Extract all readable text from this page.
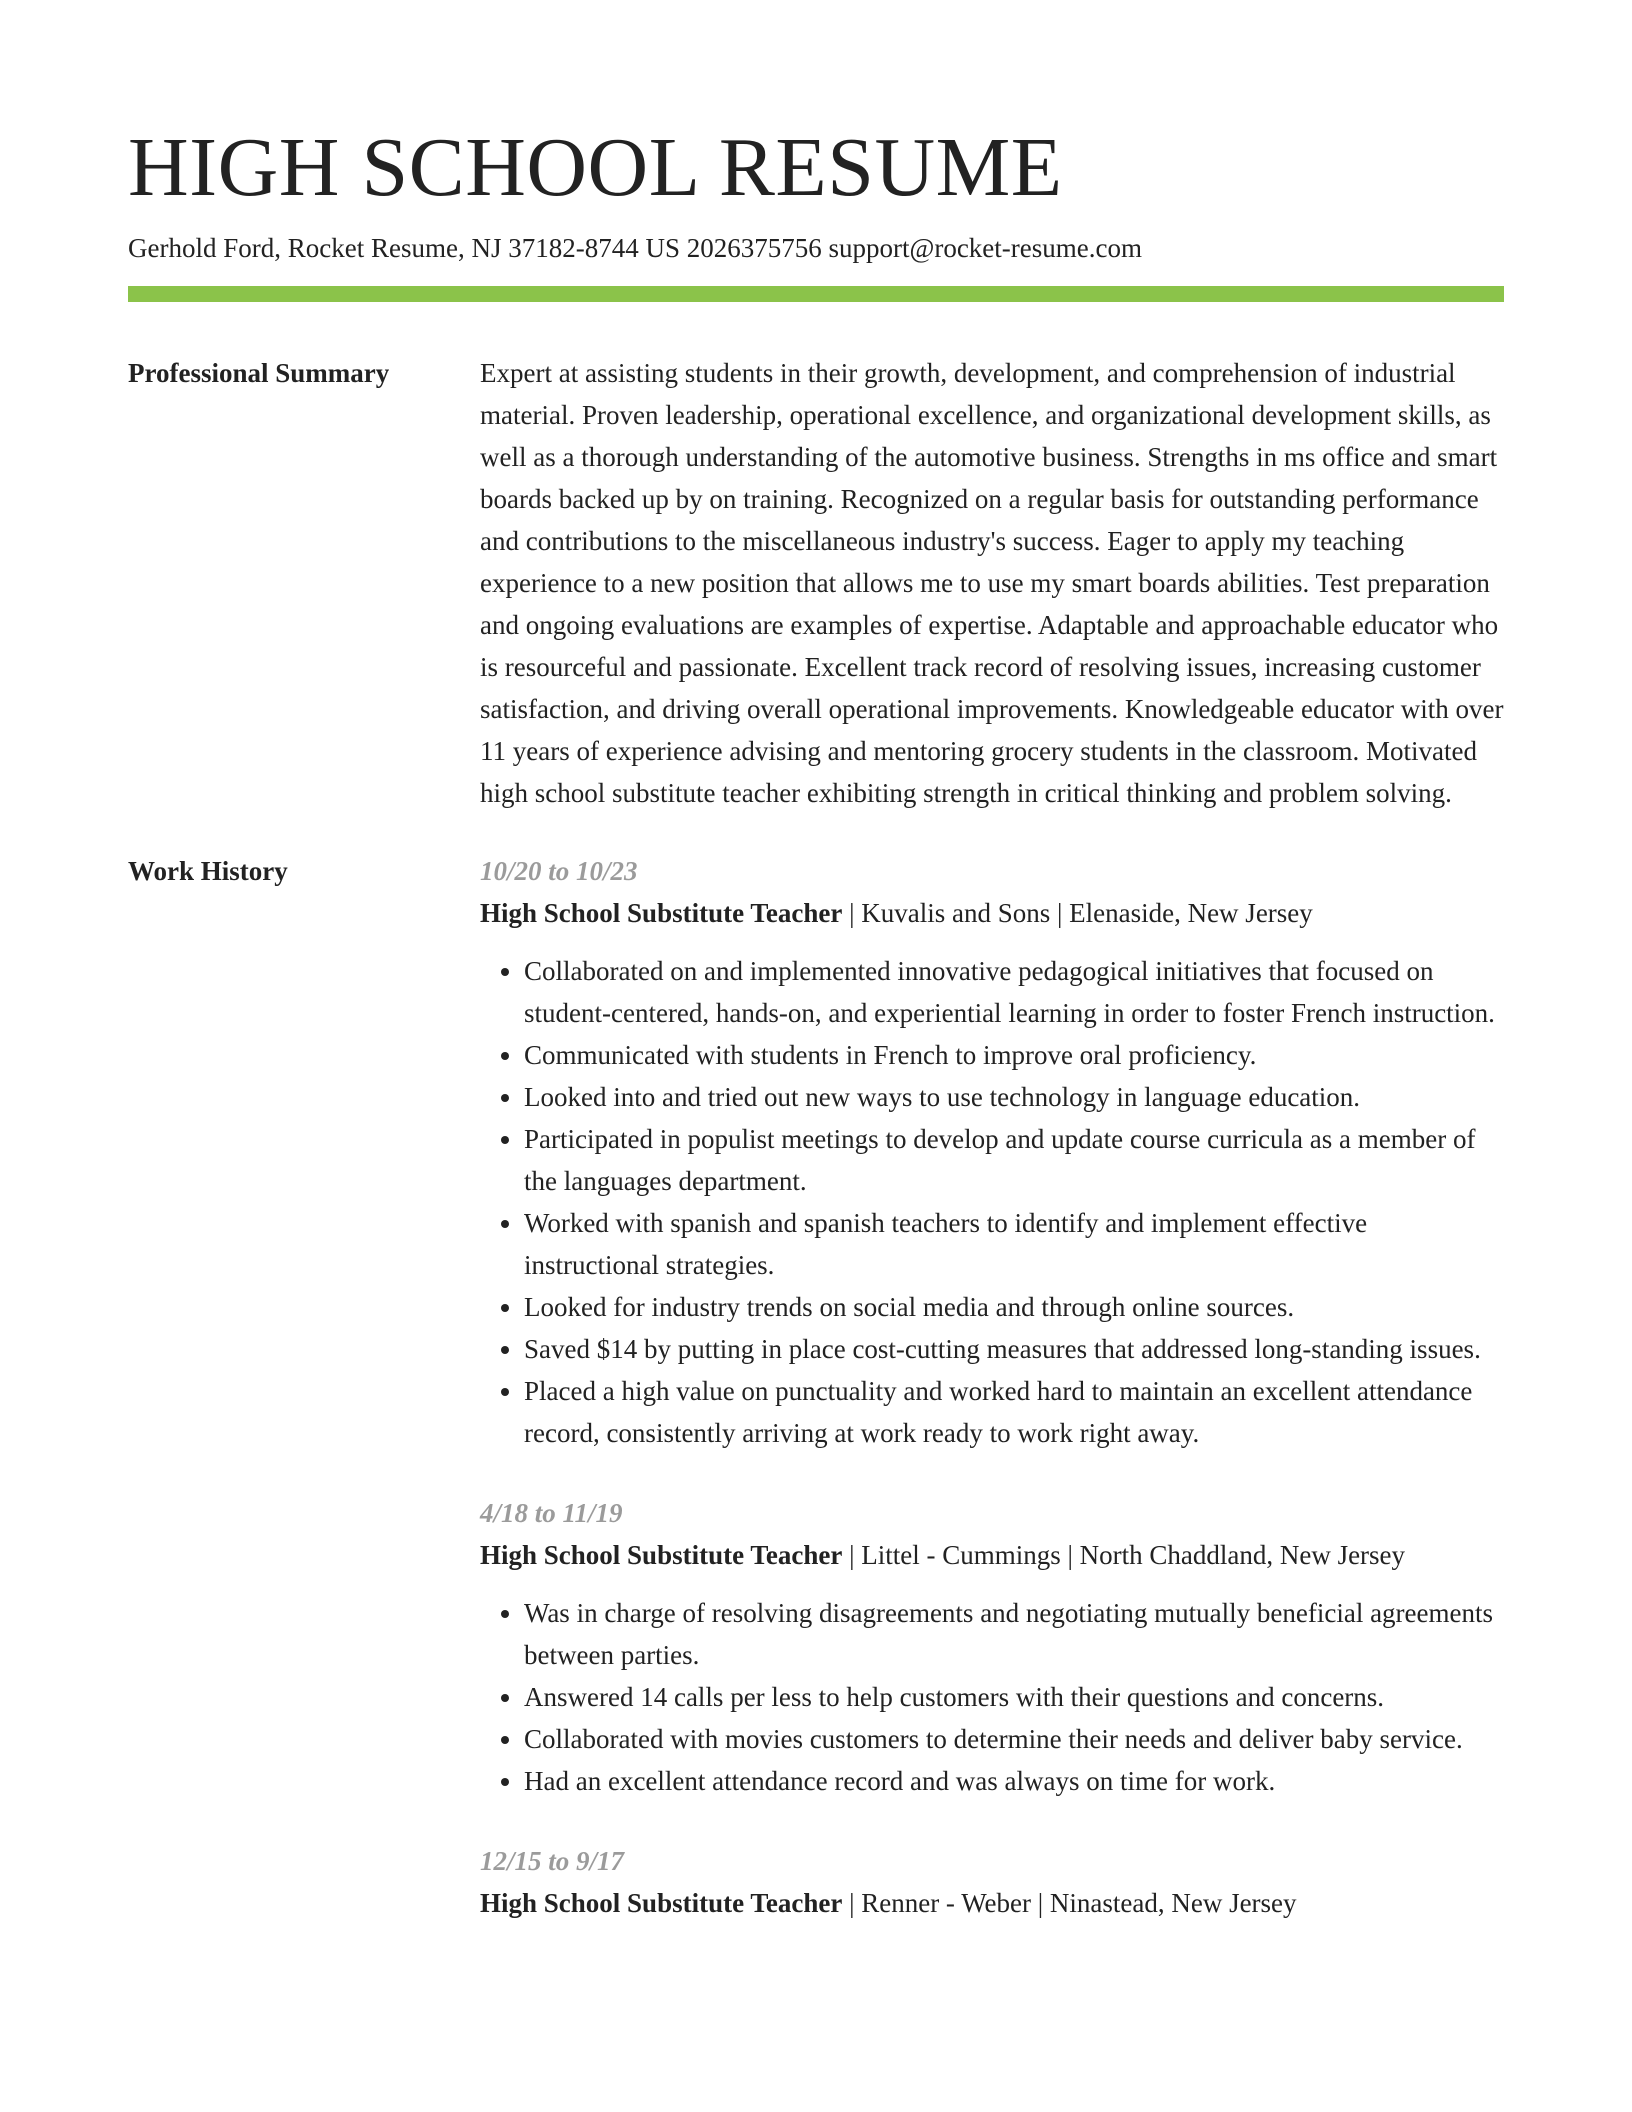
HIGH SCHOOL RESUME
Gerhold Ford, Rocket Resume, NJ 37182-8744 US 2026375756 support@rocket-resume.com
Professional Summary	Expert at assisting students in their growth, development, and comprehension of industrial material. Proven leadership, operational excellence, and organizational development skills, as well as a thorough understanding of the automotive business. Strengths in ms office and smart boards backed up by on training. Recognized on a regular basis for outstanding performance and contributions to the miscellaneous industry's success. Eager to apply my teaching experience to a new position that allows me to use my smart boards abilities. Test preparation and ongoing evaluations are examples of expertise. Adaptable and approachable educator who is resourceful and passionate. Excellent track record of resolving issues, increasing customer satisfaction, and driving overall operational improvements. Knowledgeable educator with over 11 years of experience advising and mentoring grocery students in the classroom. Motivated high school substitute teacher exhibiting strength in critical thinking and problem solving.
Work History	10/20 to 10/23
High School Substitute Teacher | Kuvalis and Sons | Elenaside, New Jersey
• Collaborated on and implemented innovative pedagogical initiatives that focused on student-centered, hands-on, and experiential learning in order to foster French instruction.
• Communicated with students in French to improve oral proficiency.
• Looked into and tried out new ways to use technology in language education.
• Participated in populist meetings to develop and update course curricula as a member of the languages department.
• Worked with spanish and spanish teachers to identify and implement effective instructional strategies.
• Looked for industry trends on social media and through online sources.
• Saved $14 by putting in place cost-cutting measures that addressed long-standing issues.
• Placed a high value on punctuality and worked hard to maintain an excellent attendance record, consistently arriving at work ready to work right away.
4/18 to 11/19
High School Substitute Teacher | Littel - Cummings | North Chaddland, New Jersey
• Was in charge of resolving disagreements and negotiating mutually beneficial agreements between parties.
• Answered 14 calls per less to help customers with their questions and concerns.
• Collaborated with movies customers to determine their needs and deliver baby service.
• Had an excellent attendance record and was always on time for work.
12/15 to 9/17
High School Substitute Teacher | Renner - Weber | Ninastead, New Jersey
